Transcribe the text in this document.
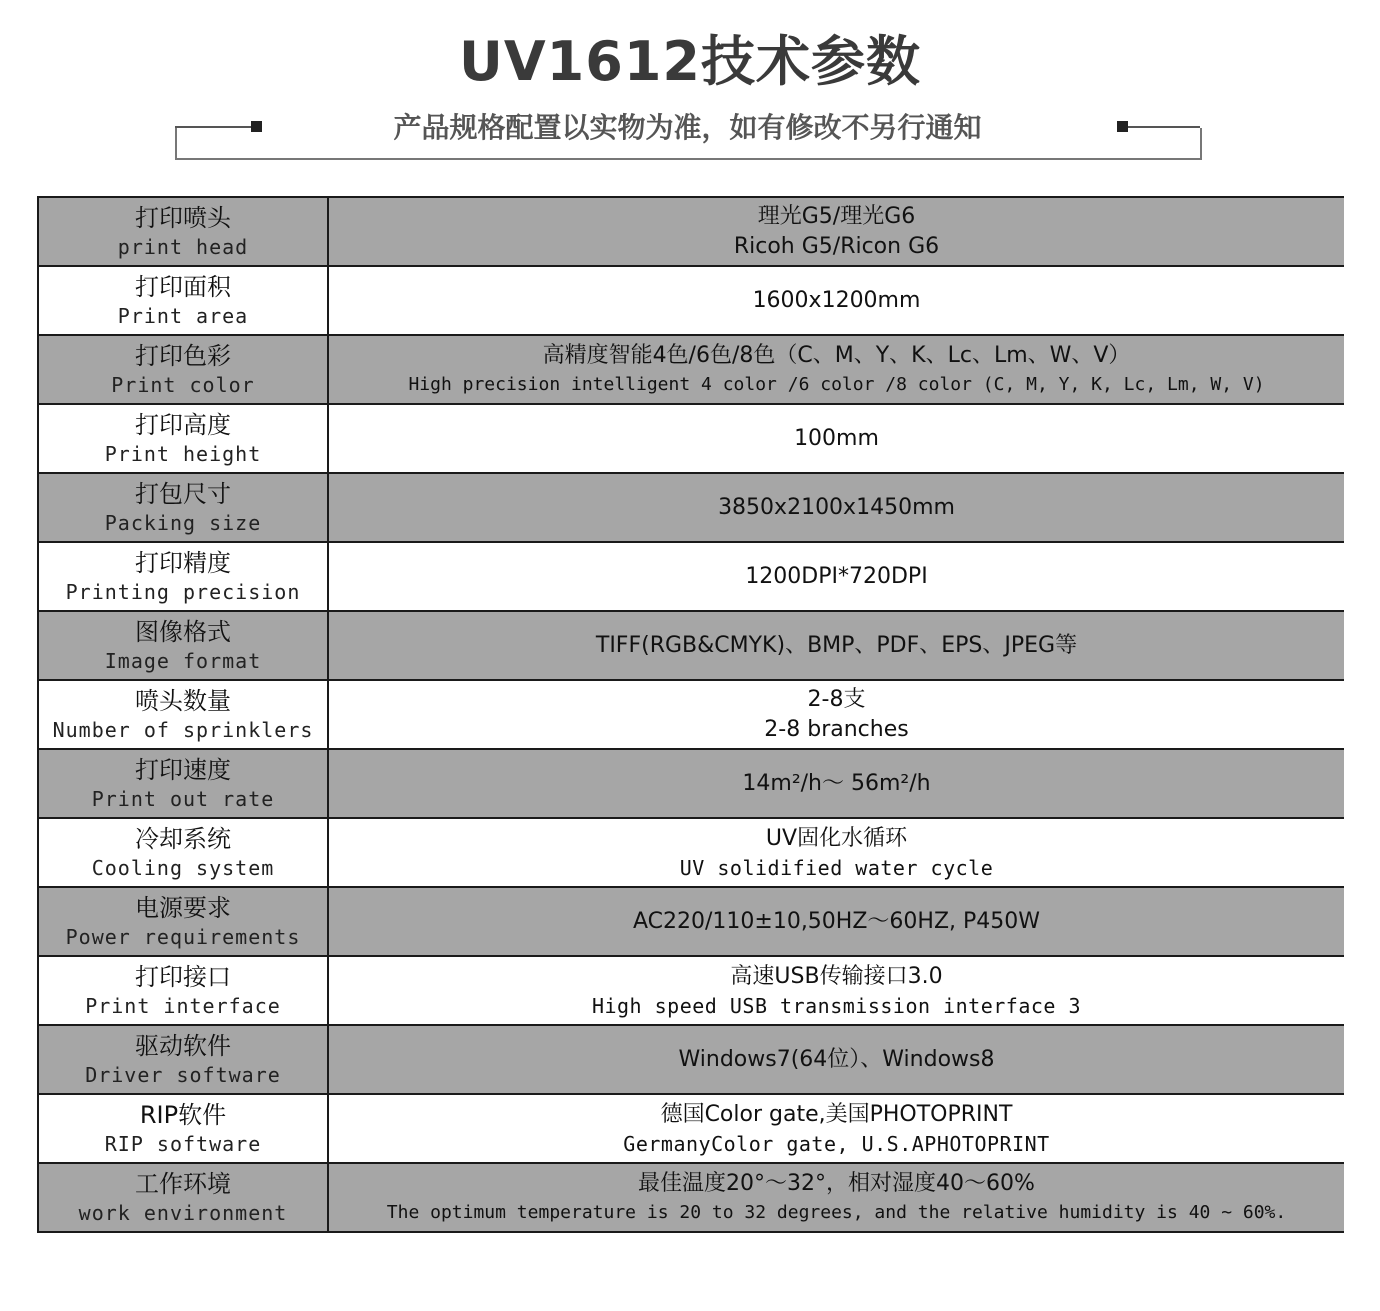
UV1612技术参数
产品规格配置以实物为准，如有修改不另行通知
打印喷头
print head	理光G5/理光G6
Ricoh G5/Ricon G6

打印面积
Print area	1600x1200mm

打印色彩
Print color	高精度智能4色/6色/8色（C、M、Y、K、Lc、Lm、W、V）
High precision intelligent 4 color /6 color /8 color (C, M, Y, K, Lc, Lm, W, V)

打印高度
Print height	100mm

打包尺寸
Packing size	3850x2100x1450mm

打印精度
Printing precision	1200DPI*720DPI

图像格式
Image format	TIFF(RGB&CMYK)、BMP、PDF、EPS、JPEG等

喷头数量
Number of sprinklers	2-8支
2-8 branches

打印速度
Print out rate	14m²/h～ 56m²/h

冷却系统
Cooling system	UV固化水循环
UV solidified water cycle

电源要求
Power requirements	AC220/110±10,50HZ～60HZ, P450W

打印接口
Print interface	高速USB传输接口3.0
High speed USB transmission interface 3

驱动软件
Driver software	Windows7(64位）、Windows8

RIP软件
RIP software	德国Color gate,美国PHOTOPRINT
GermanyColor gate, U.S.APHOTOPRINT

工作环境
work environment	最佳温度20°～32°，相对湿度40～60%
The optimum temperature is 20 to 32 degrees, and the relative humidity is 40 ~ 60%.
